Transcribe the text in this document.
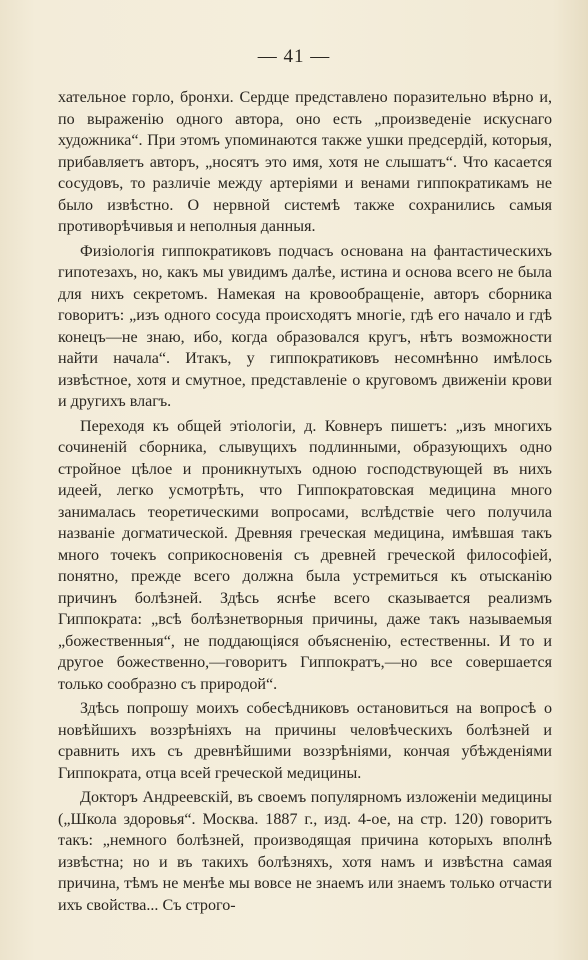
— 41 —

хательное горло, бронхи. Сердце представлено поразительно вѣрно и, по выраженію одного автора, оно есть „произведеніе искуснаго художника“. При этомъ упоминаются также ушки предсердій, которыя, прибавляетъ авторъ, „носятъ это имя, хотя не слышатъ“. Что касается сосудовъ, то различіе между артеріями и венами гиппократикамъ не было извѣстно. О нервной системѣ также сохранились самыя противорѣчивыя и неполныя данныя.

Физіологія гиппократиковъ подчасъ основана на фантастическихъ гипотезахъ, но, какъ мы увидимъ далѣе, истина и основа всего не была для нихъ секретомъ. Намекая на кровообращеніе, авторъ сборника говоритъ: „изъ одного сосуда происходятъ многіе, гдѣ его начало и гдѣ конецъ—не знаю, ибо, когда образовался кругъ, нѣтъ возможности найти начала“. Итакъ, у гиппократиковъ несомнѣнно имѣлось извѣстное, хотя и смутное, представленіе о круговомъ движеніи крови и другихъ влагъ.

Переходя къ общей этіологіи, д. Ковнеръ пишетъ: „изъ многихъ сочиненій сборника, слывущихъ подлинными, образующихъ одно стройное цѣлое и проникнутыхъ одною господствующей въ нихъ идеей, легко усмотрѣть, что Гиппократовская медицина много занималась теоретическими вопросами, вслѣдствіе чего получила названіе догматической. Древняя греческая медицина, имѣвшая такъ много точекъ соприкосновенія съ древней греческой философіей, понятно, прежде всего должна была устремиться къ отысканію причинъ болѣзней. Здѣсь яснѣе всего сказывается реализмъ Гиппократа: „всѣ болѣзнетворныя причины, даже такъ называемыя „божественныя“, не поддающіяся объясненію, естественны. И то и другое божественно,—говоритъ Гиппократъ,—но все совершается только сообразно съ природой“.

Здѣсь попрошу моихъ собесѣдниковъ остановиться на вопросѣ о новѣйшихъ воззрѣніяхъ на причины человѣческихъ болѣзней и сравнить ихъ съ древнѣйшими воззрѣніями, кончая убѣжденіями Гиппократа, отца всей греческой медицины.

Докторъ Андреевскій, въ своемъ популярномъ изложеніи медицины („Школа здоровья“. Москва. 1887 г., изд. 4-ое, на стр. 120) говоритъ такъ: „немного болѣзней, производящая причина которыхъ вполнѣ извѣстна; но и въ такихъ болѣзняхъ, хотя намъ и извѣстна самая причина, тѣмъ не менѣе мы вовсе не знаемъ или знаемъ только отчасти ихъ свойства... Съ строго-
